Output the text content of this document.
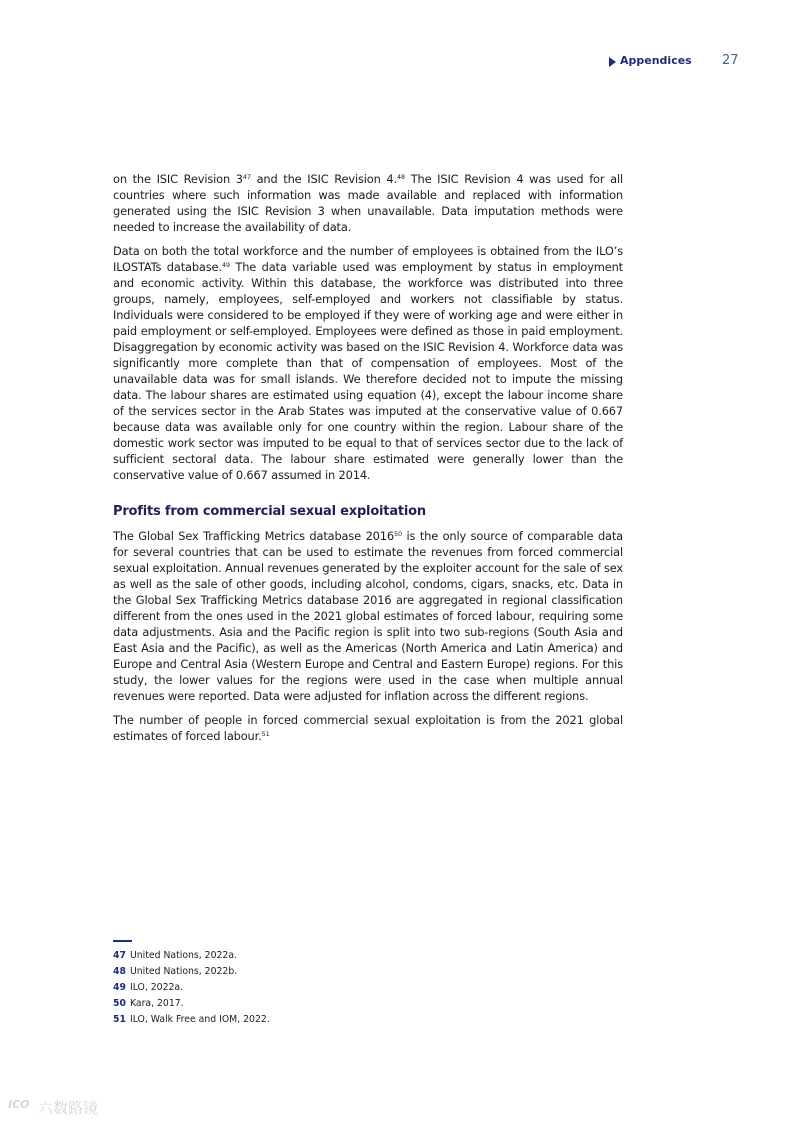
Appendices 27

on the ISIC Revision $3^{47}$ and the ISIC Revision 4.48 The ISIC Revision 4 was used for all countries where such information was made available and replaced with information generated using the ISIC Revision 3 when unavailable. Data imputation methods were needed to increase the availability of data.

Data on both the total workforce and the number of employees is obtained from the ILO’s ILOSTATs database.$^{49}$ The data variable used was employment by status in employment and economic activity. Within this database, the workforce was distributed into three groups, namely, employees, self-employed and workers not classifiable by status. Individuals were considered to be employed if they were of working age and were either in paid employment or self-employed. Employees were defined as those in paid employment. Disaggregation by economic activity was based on the ISIC Revision 4. Workforce data was significantly more complete than that of compensation of employees. Most of the unavailable data was for small islands. We therefore decided not to impute the missing data. The labour shares are estimated using equation (4), except the labour income share of the services sector in the Arab States was imputed at the conservative value of 0.667 because data was available only for one country within the region. Labour share of the domestic work sector was imputed to be equal to that of services sector due to the lack of sufficient sectoral data. The labour share estimated were generally lower than the conservative value of 0.667 assumed in 2014.

Profits from commercial sexual exploitation

The Global Sex Trafficking Metrics database 2016$^{50}$ is the only source of comparable data for several countries that can be used to estimate the revenues from forced commercial sexual exploitation. Annual revenues generated by the exploiter account for the sale of sex as well as the sale of other goods, including alcohol, condoms, cigars, snacks, etc. Data in the Global Sex Trafficking Metrics database 2016 are aggregated in regional classification different from the ones used in the 2021 global estimates of forced labour, requiring some data adjustments. Asia and the Pacific region is split into two sub-regions (South Asia and East Asia and the Pacific), as well as the Americas (North America and Latin America) and Europe and Central Asia (Western Europe and Central and Eastern Europe) regions. For this study, the lower values for the regions were used in the case when multiple annual revenues were reported. Data were adjusted for inflation across the different regions.

The number of people in forced commercial sexual exploitation is from the 2021 global estimates of forced labour.$^{51}$

47 United Nations, 2022a.
48 United Nations, 2022b.
49 ILO, 2022a.
50 Kara, 2017.
51 ILO, Walk Free and IOM, 2022.
ICO 六数路镜
